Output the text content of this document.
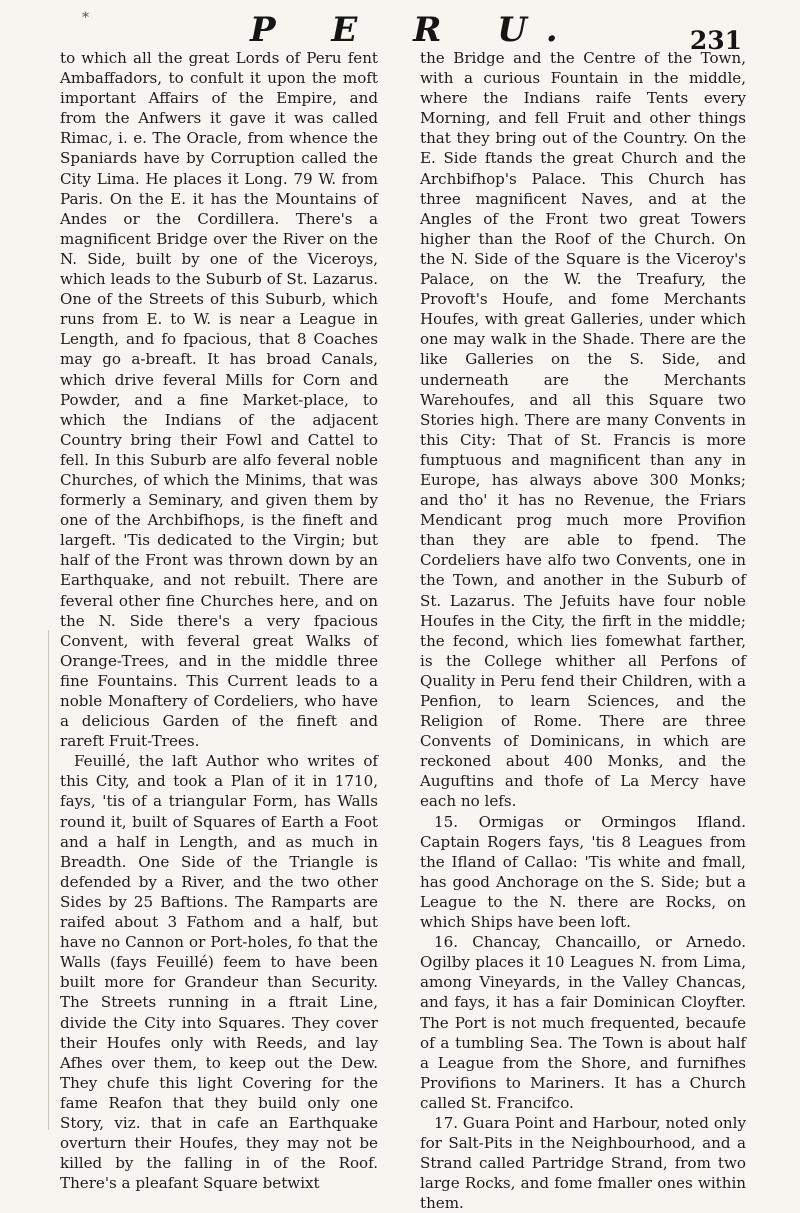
*	P E R U.	231

to which all the great Lords of Peru fent Ambaffadors, to confult it upon the moft important Affairs of the Empire, and from the Anfwers it gave it was called Rimac, i. e. The Oracle, from whence the Spaniards have by Corruption called the City Lima. He places it Long. 79 W. from Paris. On the E. it has the Mountains of Andes or the Cordillera. There's a magnificent Bridge over the River on the N. Side, built by one of the Viceroys, which leads to the Suburb of St. Lazarus. One of the Streets of this Suburb, which runs from E. to W. is near a League in Length, and fo fpacious, that 8 Coaches may go a-breaft. It has broad Canals, which drive feveral Mills for Corn and Powder, and a fine Market-place, to which the Indians of the adjacent Country bring their Fowl and Cattel to fell. In this Suburb are alfo feveral noble Churches, of which the Minims, that was formerly a Seminary, and given them by one of the Archbifhops, is the fineft and largeft. 'Tis dedicated to the Virgin; but half of the Front was thrown down by an Earthquake, and not rebuilt. There are feveral other fine Churches here, and on the N. Side there's a very fpacious Convent, with feveral great Walks of Orange-Trees, and in the middle three fine Fountains. This Current leads to a noble Monaftery of Cordeliers, who have a delicious Garden of the fineft and rareft Fruit-Trees.

Feuillé, the laft Author who writes of this City, and took a Plan of it in 1710, fays, 'tis of a triangular Form, has Walls round it, built of Squares of Earth a Foot and a half in Length, and as much in Breadth. One Side of the Triangle is defended by a River, and the two other Sides by 25 Baftions. The Ramparts are raifed about 3 Fathom and a half, but have no Cannon or Port-holes, fo that the Walls (fays Feuillé) feem to have been built more for Grandeur than Security. The Streets running in a ftrait Line, divide the City into Squares. They cover their Houfes only with Reeds, and lay Afhes over them, to keep out the Dew. They chufe this light Covering for the fame Reafon that they build only one Story, viz. that in cafe an Earthquake overturn their Houfes, they may not be killed by the falling in of the Roof. There's a pleafant Square betwixt

the Bridge and the Centre of the Town, with a curious Fountain in the middle, where the Indians raife Tents every Morning, and fell Fruit and other things that they bring out of the Country. On the E. Side ftands the great Church and the Archbifhop's Palace. This Church has three magnificent Naves, and at the Angles of the Front two great Towers higher than the Roof of the Church. On the N. Side of the Square is the Viceroy's Palace, on the W. the Treafury, the Provoft's Houfe, and fome Merchants Houfes, with great Galleries, under which one may walk in the Shade. There are the like Galleries on the S. Side, and underneath are the Merchants Warehoufes, and all this Square two Stories high. There are many Convents in this City: That of St. Francis is more fumptuous and magnificent than any in Europe, has always above 300 Monks; and tho' it has no Revenue, the Friars Mendicant prog much more Provifion than they are able to fpend. The Cordeliers have alfo two Convents, one in the Town, and another in the Suburb of St. Lazarus. The Jefuits have four noble Houfes in the City, the firft in the middle; the fecond, which lies fomewhat farther, is the College whither all Perfons of Quality in Peru fend their Children, with a Penfion, to learn Sciences, and the Religion of Rome. There are three Convents of Dominicans, in which are reckoned about 400 Monks, and the Auguftins and thofe of La Mercy have each no lefs.

15. Ormigas or Ormingos Ifland. Captain Rogers fays, 'tis 8 Leagues from the Ifland of Callao: 'Tis white and fmall, has good Anchorage on the S. Side; but a League to the N. there are Rocks, on which Ships have been loft.

16. Chancay, Chancaillo, or Arnedo. Ogilby places it 10 Leagues N. from Lima, among Vineyards, in the Valley Chancas, and fays, it has a fair Dominican Cloyfter. The Port is not much frequented, becaufe of a tumbling Sea. The Town is about half a League from the Shore, and furnifhes Provifions to Mariners. It has a Church called St. Francifco.

17. Guara Point and Harbour, noted only for Salt-Pits in the Neighbourhood, and a Strand called Partridge Strand, from two large Rocks, and fome fmaller ones within them.
